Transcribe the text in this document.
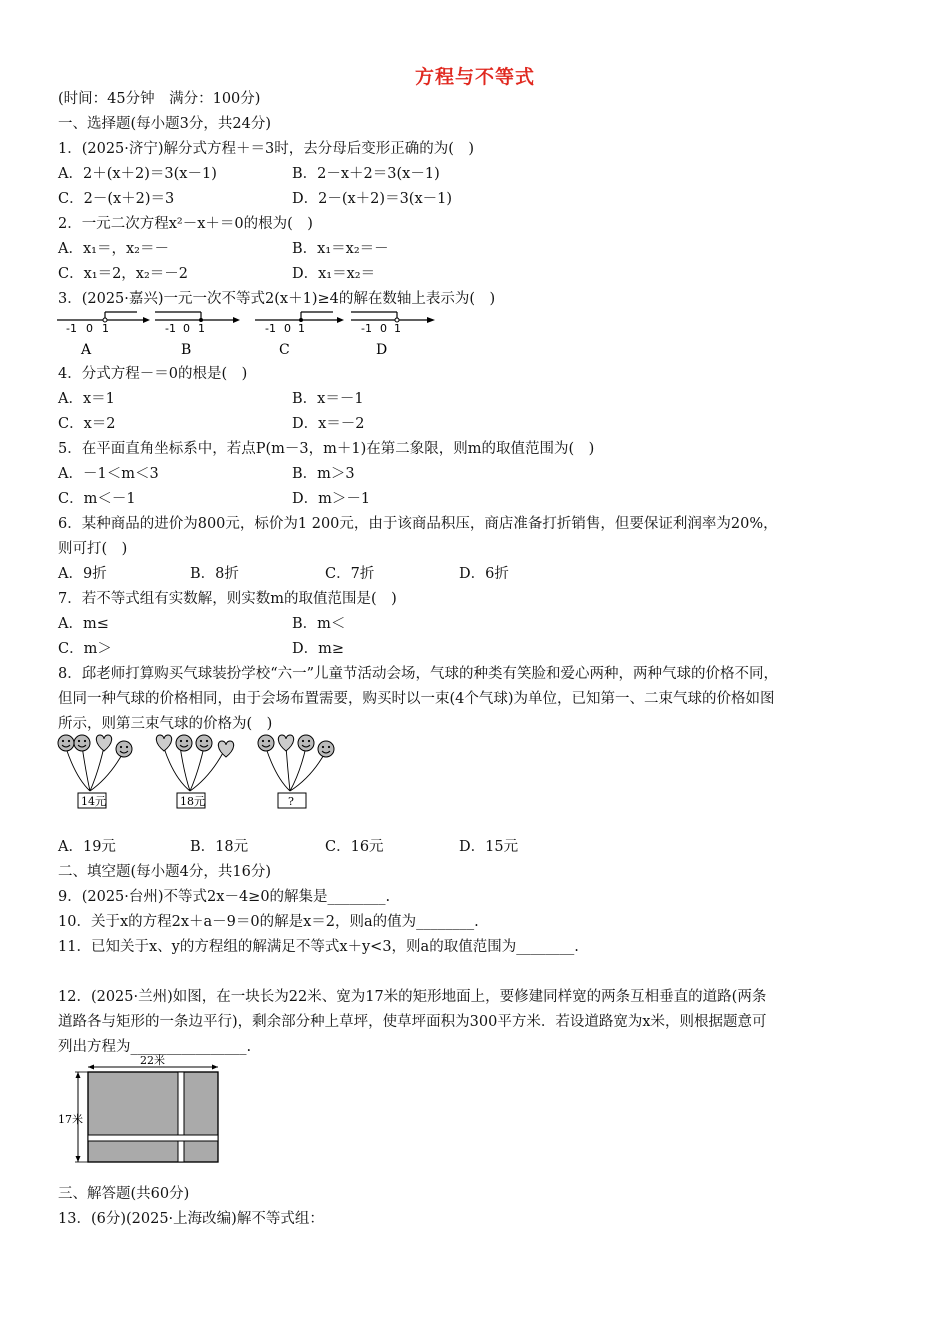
方程与不等式
(时间：45分钟　满分：100分)
一、选择题(每小题3分，共24分)
1．(2025·济宁)解分式方程＋＝3时，去分母后变形正确的为(　)
A．2＋(x＋2)＝3(x－1)	B．2－x＋2＝3(x－1)
C．2－(x＋2)＝3	D．2－(x＋2)＝3(x－1)
2．一元二次方程x²－x＋＝0的根为(　)
A．x₁＝，x₂＝－	B．x₁＝x₂＝－
C．x₁＝2，x₂＝－2	D．x₁＝x₂＝
3．(2025·嘉兴)一元一次不等式2(x＋1)≥4的解在数轴上表示为(　)
-1 0 1
A
-1 0 1
B
-1 0 1
C
-1 0 1
D
4．分式方程－＝0的根是(　)
A．x＝1	B．x＝－1
C．x＝2	D．x＝－2
5．在平面直角坐标系中，若点P(m－3，m＋1)在第二象限，则m的取值范围为(　)
A．－1＜m＜3	B．m＞3
C．m＜－1	D．m＞－1
6．某种商品的进价为800元，标价为1 200元，由于该商品积压，商店准备打折销售，但要保证利润率为20%，
则可打(　)
A．9折	B．8折	C．7折	D．6折
7．若不等式组有实数解，则实数m的取值范围是(　)
A．m≤	B．m＜
C．m＞	D．m≥
8．邱老师打算购买气球装扮学校“六一”儿童节活动会场，气球的种类有笑脸和爱心两种，两种气球的价格不同，
但同一种气球的价格相同，由于会场布置需要，购买时以一束(4个气球)为单位，已知第一、二束气球的价格如图
所示，则第三束气球的价格为(　)
14元	18元	?
A．19元	B．18元	C．16元	D．15元
二、填空题(每小题4分，共16分)
9．(2025·台州)不等式2x－4≥0的解集是________.
10．关于x的方程2x＋a－9＝0的解是x＝2，则a的值为________.
11．已知关于x、y的方程组的解满足不等式x＋y<3，则a的取值范围为________.
12．(2025·兰州)如图，在一块长为22米、宽为17米的矩形地面上，要修建同样宽的两条互相垂直的道路(两条
道路各与矩形的一条边平行)，剩余部分种上草坪，使草坪面积为300平方米．若设道路宽为x米，则根据题意可
列出方程为________________.
22米
17米
三、解答题(共60分)
13．(6分)(2025·上海改编)解不等式组：
